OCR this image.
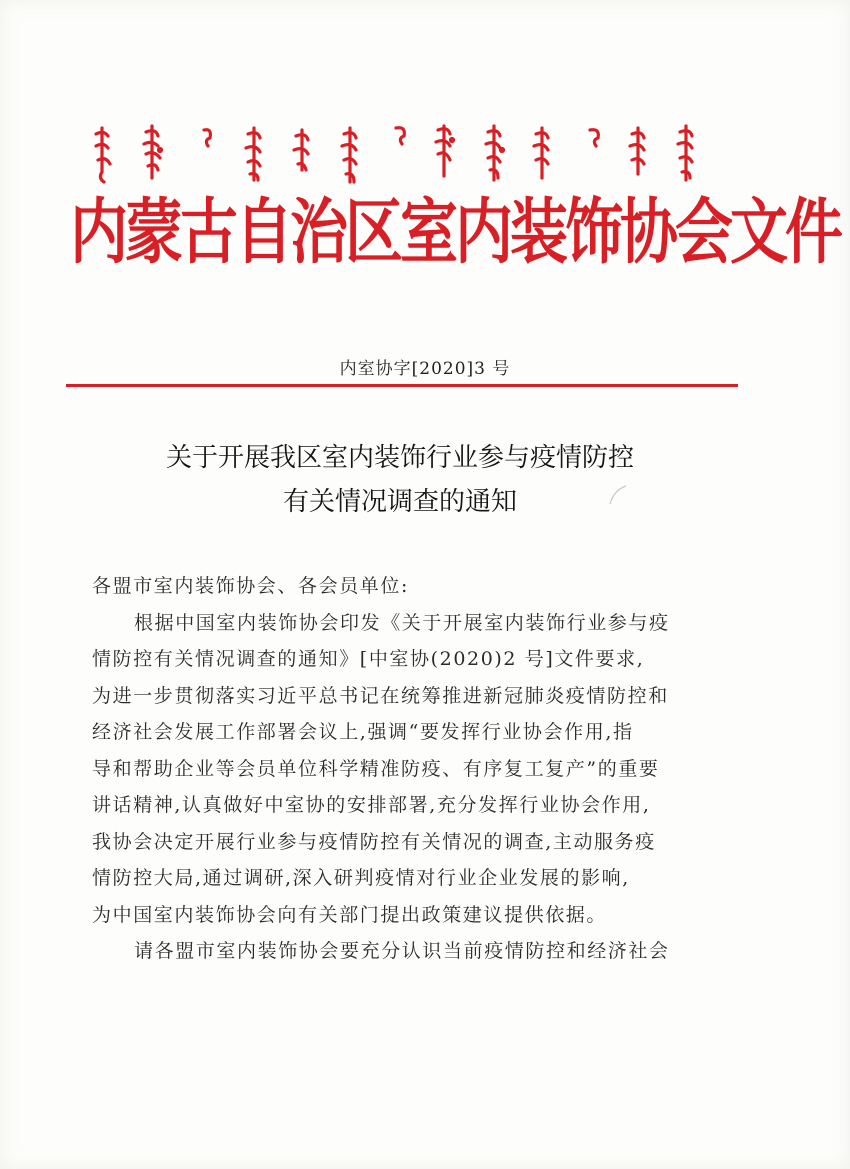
内蒙古自治区室内装饰协会文件
内室协字[2020]3 号
关于开展我区室内装饰行业参与疫情防控
有关情况调查的通知
各盟市室内装饰协会、各会员单位:
根据中国室内装饰协会印发《关于开展室内装饰行业参与疫
情防控有关情况调查的通知》[中室协(2020)2 号]文件要求,
为进一步贯彻落实习近平总书记在统筹推进新冠肺炎疫情防控和
经济社会发展工作部署会议上,强调“要发挥行业协会作用,指
导和帮助企业等会员单位科学精准防疫、有序复工复产”的重要
讲话精神,认真做好中室协的安排部署,充分发挥行业协会作用,
我协会决定开展行业参与疫情防控有关情况的调查,主动服务疫
情防控大局,通过调研,深入研判疫情对行业企业发展的影响,
为中国室内装饰协会向有关部门提出政策建议提供依据。
请各盟市室内装饰协会要充分认识当前疫情防控和经济社会
